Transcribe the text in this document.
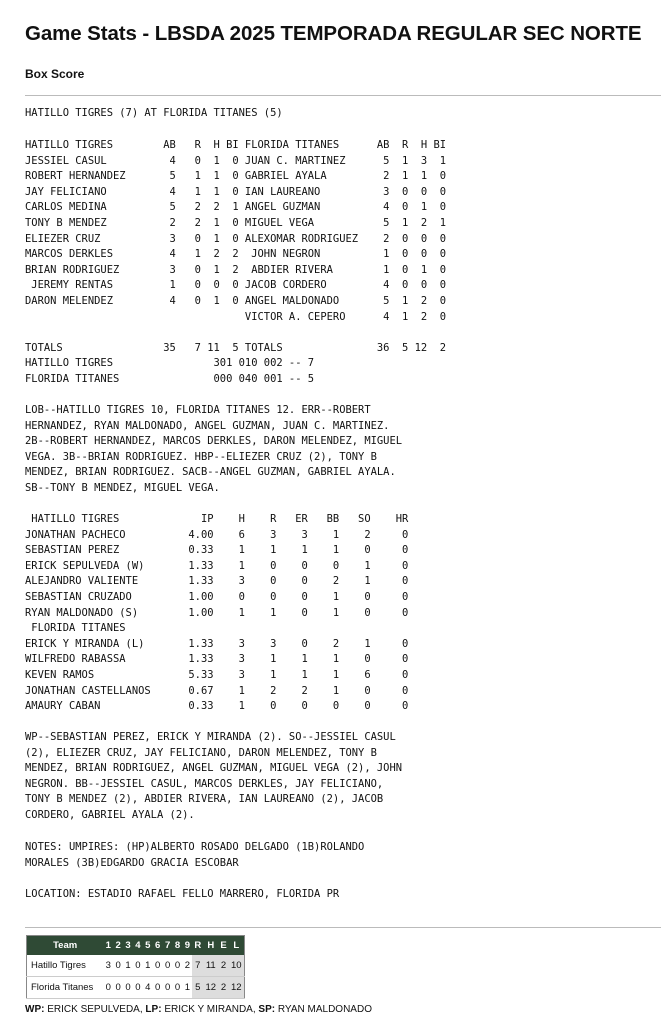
Game Stats - LBSDA 2025 TEMPORADA REGULAR SEC NORTE
Box Score
HATILLO TIGRES (7) AT FLORIDA TITANES (5)
HATILLO TIGRES        AB   R  H BI FLORIDA TITANES      AB  R  H BI
JESSIEL CASUL          4   0  1  0 JUAN C. MARTINEZ      5  1  3  1
ROBERT HERNANDEZ       5   1  1  0 GABRIEL AYALA         2  1  1  0
JAY FELICIANO          4   1  1  0 IAN LAUREANO          3  0  0  0
CARLOS MEDINA          5   2  2  1 ANGEL GUZMAN          4  0  1  0
TONY B MENDEZ          2   2  1  0 MIGUEL VEGA           5  1  2  1
ELIEZER CRUZ           3   0  1  0 ALEXOMAR RODRIGUEZ    2  0  0  0
MARCOS DERKLES         4   1  2  2  JOHN NEGRON          1  0  0  0
BRIAN RODRIGUEZ        3   0  1  2  ABDIER RIVERA        1  0  1  0
JEREMY RENTAS         1   0  0  0 JACOB CORDERO         4  0  0  0
DARON MELENDEZ         4   0  1  0 ANGEL MALDONADO       5  1  2  0
VICTOR A. CEPERO      4  1  2  0

TOTALS                35   7 11  5 TOTALS               36  5 12  2
HATILLO TIGRES                301 010 002 -- 7
FLORIDA TITANES               000 040 001 -- 5
LOB--HATILLO TIGRES 10, FLORIDA TITANES 12. ERR--ROBERT
HERNANDEZ, RYAN MALDONADO, ANGEL GUZMAN, JUAN C. MARTINEZ.
2B--ROBERT HERNANDEZ, MARCOS DERKLES, DARON MELENDEZ, MIGUEL
VEGA. 3B--BRIAN RODRIGUEZ. HBP--ELIEZER CRUZ (2), TONY B
MENDEZ, BRIAN RODRIGUEZ. SACB--ANGEL GUZMAN, GABRIEL AYALA.
SB--TONY B MENDEZ, MIGUEL VEGA.
HATILLO TIGRES             IP    H    R   ER   BB   SO    HR
JONATHAN PACHECO          4.00    6    3    3    1    2     0
SEBASTIAN PEREZ           0.33    1    1    1    1    0     0
ERICK SEPULVEDA (W)       1.33    1    0    0    0    1     0
ALEJANDRO VALIENTE        1.33    3    0    0    2    1     0
SEBASTIAN CRUZADO         1.00    0    0    0    1    0     0
RYAN MALDONADO (S)        1.00    1    1    0    1    0     0
FLORIDA TITANES
ERICK Y MIRANDA (L)       1.33    3    3    0    2    1     0
WILFREDO RABASSA          1.33    3    1    1    1    0     0
KEVEN RAMOS               5.33    3    1    1    1    6     0
JONATHAN CASTELLANOS      0.67    1    2    2    1    0     0
AMAURY CABAN              0.33    1    0    0    0    0     0
WP--SEBASTIAN PEREZ, ERICK Y MIRANDA (2). SO--JESSIEL CASUL
(2), ELIEZER CRUZ, JAY FELICIANO, DARON MELENDEZ, TONY B
MENDEZ, BRIAN RODRIGUEZ, ANGEL GUZMAN, MIGUEL VEGA (2), JOHN
NEGRON. BB--JESSIEL CASUL, MARCOS DERKLES, JAY FELICIANO,
TONY B MENDEZ (2), ABDIER RIVERA, IAN LAUREANO (2), JACOB
CORDERO, GABRIEL AYALA (2).
NOTES: UMPIRES: (HP)ALBERTO ROSADO DELGADO (1B)ROLANDO
MORALES (3B)EDGARDO GRACIA ESCOBAR
LOCATION: ESTADIO RAFAEL FELLO MARRERO, FLORIDA PR
Team	1	2	3	4	5	6	7	8	9	R	H	E	L
Hatillo Tigres	3	0	1	0	1	0	0	0	2	7	11	2	10
Florida Titanes	0	0	0	0	4	0	0	0	1	5	12	2	12
WP: ERICK SEPULVEDA, LP: ERICK Y MIRANDA, SP: RYAN MALDONADO
